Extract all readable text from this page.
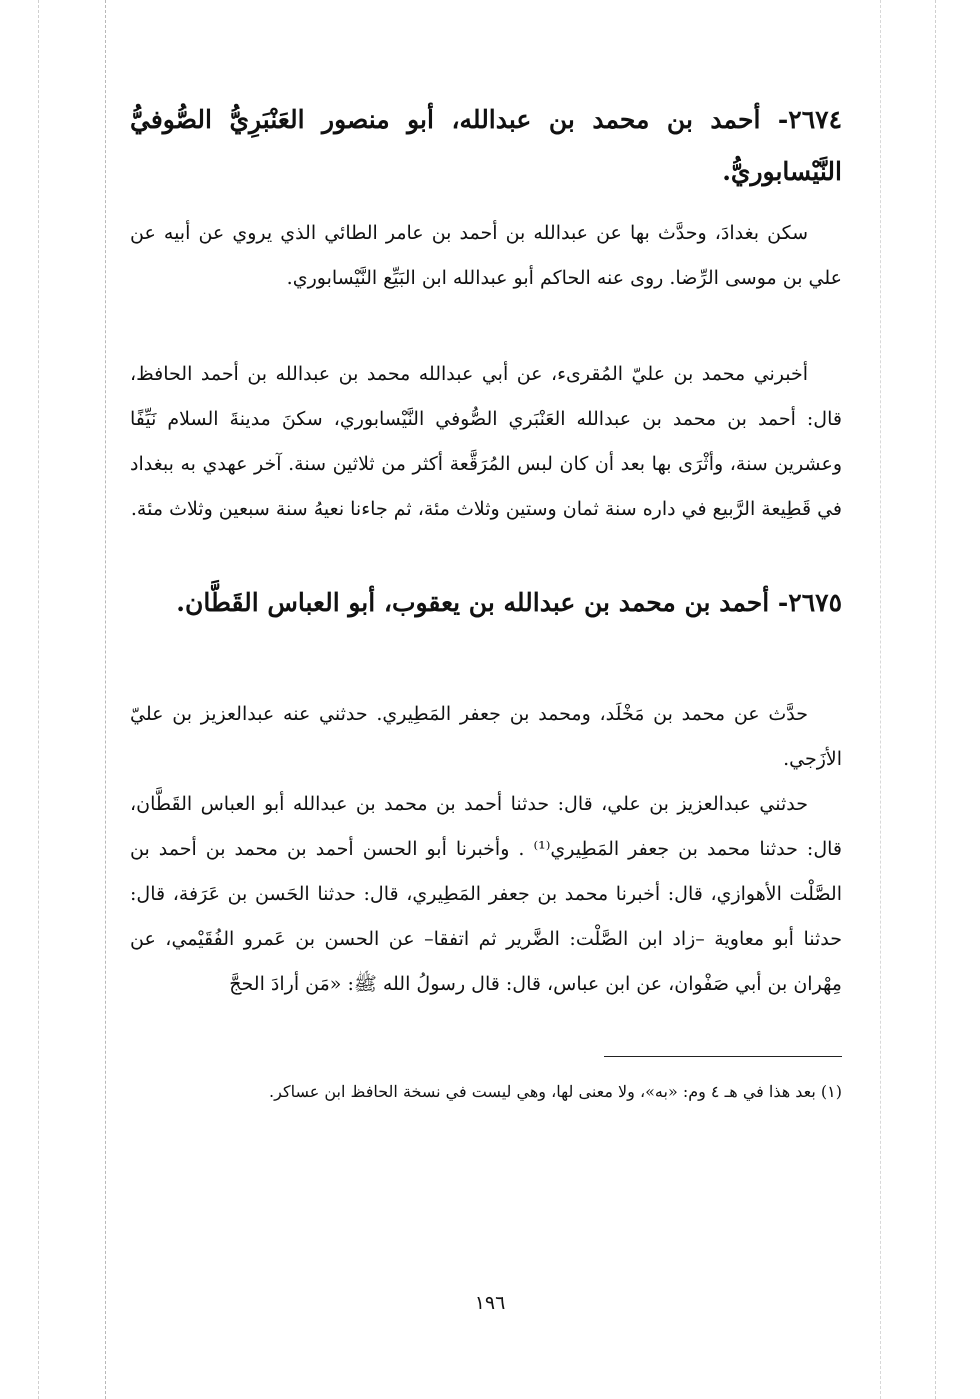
٢٦٧٤- أحمد بن محمد بن عبدالله، أبو منصور العَنْبَرِيُّ الصُّوفيُّ النَّيْسابوريُّ.
سكن بغدادَ، وحدَّث بها عن عبدالله بن أحمد بن عامر الطائي الذي يروي عن أبيه عن علي بن موسى الرِّضا. روى عنه الحاكم أبو عبدالله ابن البَيِّع النَّيْسابوري.
أخبرني محمد بن عليّ المُقرىء، عن أبي عبدالله محمد بن عبدالله بن أحمد الحافظ، قال: أحمد بن محمد بن عبدالله العَنْبَري الصُّوفي النَّيْسابوري، سكنَ مدينةَ السلام نَيِّفًا وعشرين سنة، وأثْرَى بها بعد أن كان لبس المُرَقَّعة أكثر من ثلاثين سنة. آخر عهدي به ببغداد في قَطِيعة الرَّبيع في داره سنة ثمان وستين وثلاث مئة، ثم جاءنا نعيهُ سنة سبعين وثلاث مئة.
٢٦٧٥- أحمد بن محمد بن عبدالله بن يعقوب، أبو العباس القَطَّان.
حدَّث عن محمد بن مَخْلَد، ومحمد بن جعفر المَطِيري. حدثني عنه عبدالعزيز بن عليّ الأزَجي.
حدثني عبدالعزيز بن علي، قال: حدثنا أحمد بن محمد بن عبدالله أبو العباس القَطَّان، قال: حدثنا محمد بن جعفر المَطِيري⁽¹⁾ . وأخبرنا أبو الحسن أحمد بن محمد بن أحمد بن الصَّلْت الأهوازي، قال: أخبرنا محمد بن جعفر المَطِيري، قال: حدثنا الحَسن بن عَرَفة، قال: حدثنا أبو معاوية –زاد ابن الصَّلْت: الضَّرير ثم اتفقا– عن الحسن بن عَمرو الفُقَيْمي، عن مِهْران بن أبي صَفْوان، عن ابن عباس، قال: قال رسولُ الله ﷺ: «مَن أرادَ الحجَّ
(١) بعد هذا في هـ ٤ وم: «به»، ولا معنى لها، وهي ليست في نسخة الحافظ ابن عساكر.
١٩٦
